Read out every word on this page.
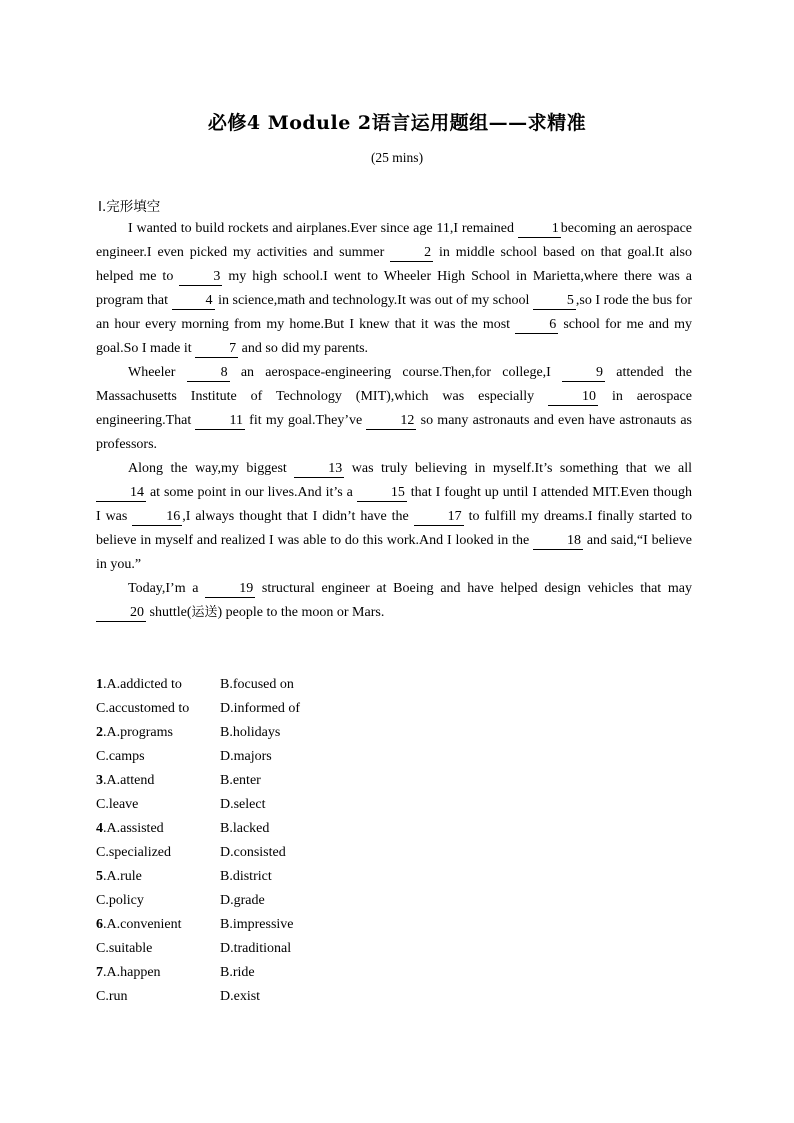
必修4 Module 2语言运用题组——求精准
(25 mins)
Ⅰ.完形填空

I wanted to build rockets and airplanes.Ever since age 11,I remained 1 becoming an aerospace engineer.I even picked my activities and summer 2 in middle school based on that goal.It also helped me to 3 my high school.I went to Wheeler High School in Marietta,where there was a program that 4 in science,math and technology.It was out of my school 5 ,so I rode the bus for an hour every morning from my home.But I knew that it was the most 6 school for me and my goal.So I made it 7 and so did my parents.

Wheeler 8 an aerospace-engineering course.Then,for college,I 9 attended the Massachusetts Institute of Technology (MIT),which was especially 10 in aerospace engineering.That 11 fit my goal.They’ve 12 so many astronauts and even have astronauts as professors.

Along the way,my biggest 13 was truly believing in myself.It’s something that we all 14 at some point in our lives.And it’s a 15 that I fought up until I attended MIT.Even though I was 16 ,I always thought that I didn’t have the 17 to fulfill my dreams.I finally started to believe in myself and realized I was able to do this work.And I looked in the 18 and said,“I believe in you.”

Today,I’m a 19 structural engineer at Boeing and have helped design vehicles that may 20 shuttle(运送) people to the moon or Mars.

1.A.addicted to	B.focused on
C.accustomed to	D.informed of
2.A.programs	B.holidays
C.camps	D.majors
3.A.attend	B.enter
C.leave	D.select
4.A.assisted	B.lacked
C.specialized	D.consisted
5.A.rule	B.district
C.policy	D.grade
6.A.convenient	B.impressive
C.suitable	D.traditional
7.A.happen	B.ride
C.run	D.exist
